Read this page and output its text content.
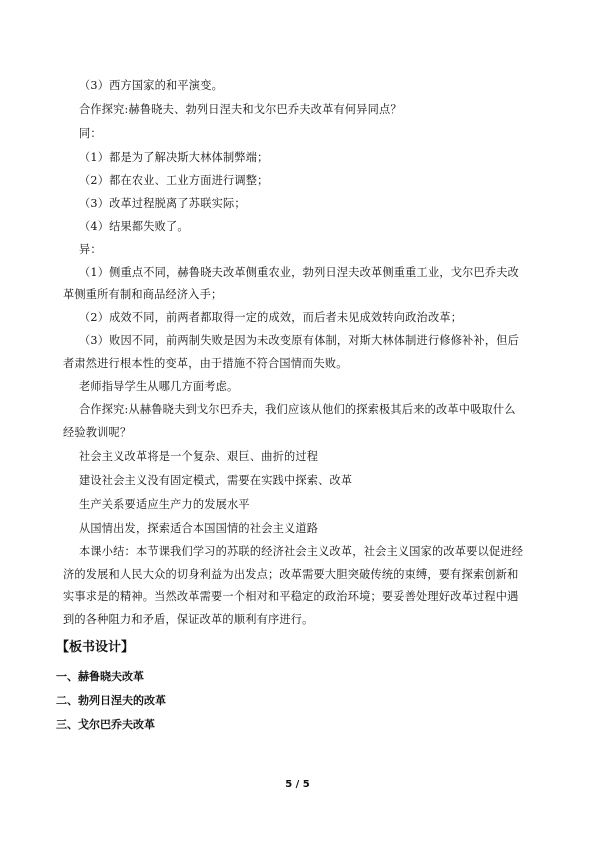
（3）西方国家的和平演变。
合作探究:赫鲁晓夫、勃列日涅夫和戈尔巴乔夫改革有何异同点？
同：
（1）都是为了解决斯大林体制弊端；
（2）都在农业、工业方面进行调整；
（3）改革过程脱离了苏联实际；
（4）结果都失败了。
异：
（1）侧重点不同，赫鲁晓夫改革侧重农业，勃列日涅夫改革侧重重工业，戈尔巴乔夫改
革侧重所有制和商品经济入手；
（2）成效不同，前两者都取得一定的成效，而后者未见成效转向政治改革；
（3）败因不同，前两制失败是因为未改变原有体制，对斯大林体制进行修修补补，但后
者肃然进行根本性的变革，由于措施不符合国情而失败。
老师指导学生从哪几方面考虑。
合作探究:从赫鲁晓夫到戈尔巴乔夫，我们应该从他们的探索极其后来的改革中吸取什么
经验教训呢？
社会主义改革将是一个复杂、艰巨、曲折的过程
建设社会主义没有固定模式，需要在实践中探索、改革
生产关系要适应生产力的发展水平
从国情出发，探索适合本国国情的社会主义道路
本课小结：本节课我们学习的苏联的经济社会主义改革，社会主义国家的改革要以促进经
济的发展和人民大众的切身利益为出发点；改革需要大胆突破传统的束缚，要有探索创新和
实事求是的精神。当然改革需要一个相对和平稳定的政治环境；要妥善处理好改革过程中遇
到的各种阻力和矛盾，保证改革的顺利有序进行。
【板书设计】
一、赫鲁晓夫改革
二、勃列日涅夫的改革
三、戈尔巴乔夫改革
5 / 5
